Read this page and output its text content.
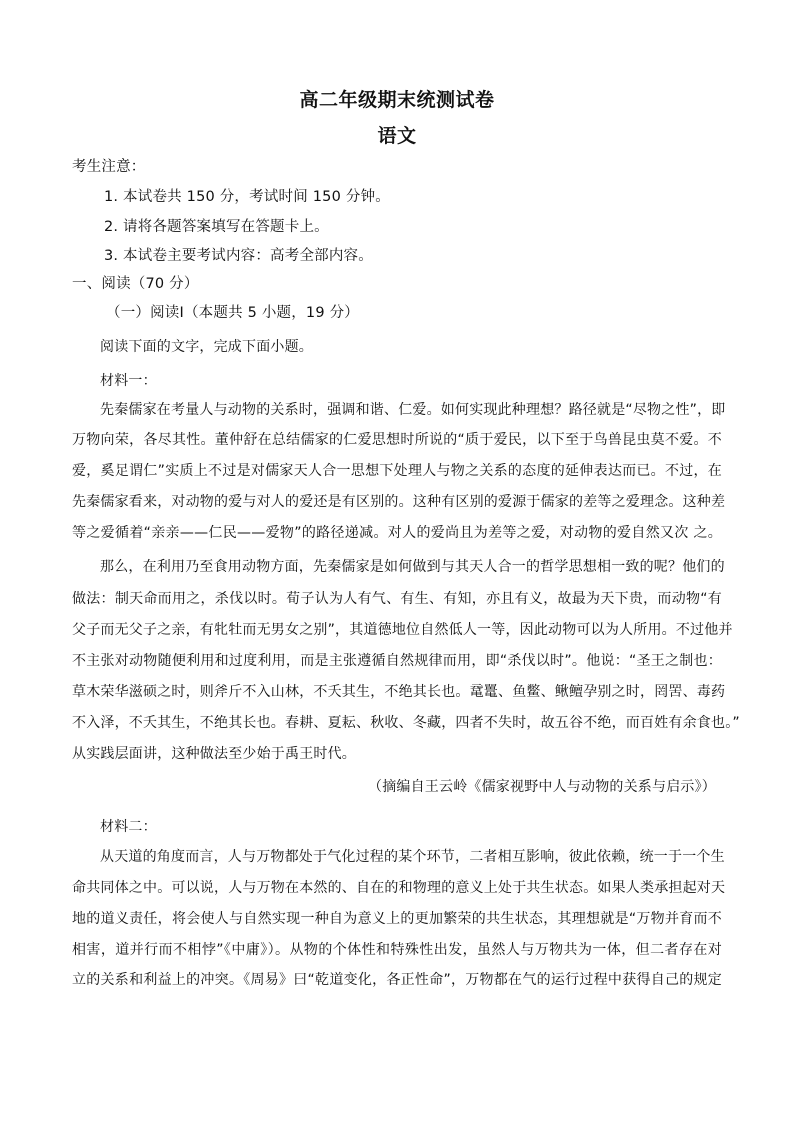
高二年级期末统测试卷
语文
考生注意：
1. 本试卷共 150 分，考试时间 150 分钟。
2. 请将各题答案填写在答题卡上。
3. 本试卷主要考试内容：高考全部内容。
一、阅读（70 分）
（一）阅读Ⅰ（本题共 5 小题，19 分）
阅读下面的文字，完成下面小题。
材料一：
先秦儒家在考量人与动物的关系时，强调和谐、仁爱。如何实现此种理想？路径就是“尽物之性”，即
万物向荣，各尽其性。董仲舒在总结儒家的仁爱思想时所说的“质于爱民，以下至于鸟兽昆虫莫不爱。不
爱，奚足谓仁”实质上不过是对儒家天人合一思想下处理人与物之关系的态度的延伸表达而已。不过，在
先秦儒家看来，对动物的爱与对人的爱还是有区别的。这种有区别的爱源于儒家的差等之爱理念。这种差
等之爱循着“亲亲——仁民——爱物”的路径递减。对人的爱尚且为差等之爱，对动物的爱自然又次 之。
那么，在利用乃至食用动物方面，先秦儒家是如何做到与其天人合一的哲学思想相一致的呢？他们的
做法：制天命而用之，杀伐以时。荀子认为人有气、有生、有知，亦且有义，故最为天下贵，而动物“有
父子而无父子之亲，有牝牡而无男女之别”，其道德地位自然低人一等，因此动物可以为人所用。不过他并
不主张对动物随便利用和过度利用，而是主张遵循自然规律而用，即“杀伐以时”。他说：“圣王之制也：
草木荣华滋硕之时，则斧斤不入山林，不夭其生，不绝其长也。鼋鼍、鱼鳖、鳅鳣孕别之时，罔罟、毒药
不入泽，不夭其生，不绝其长也。春耕、夏耘、秋收、冬藏，四者不失时，故五谷不绝，而百姓有余食也。”
从实践层面讲，这种做法至少始于禹王时代。
（摘编自王云岭《儒家视野中人与动物的关系与启示》）
材料二：
从天道的角度而言，人与万物都处于气化过程的某个环节，二者相互影响，彼此依赖，统一于一个生
命共同体之中。可以说，人与万物在本然的、自在的和物理的意义上处于共生状态。如果人类承担起对天
地的道义责任，将会使人与自然实现一种自为意义上的更加繁荣的共生状态，其理想就是“万物并育而不
相害，道并行而不相悖”《中庸》）。从物的个体性和特殊性出发，虽然人与万物共为一体，但二者存在对
立的关系和利益上的冲突。《周易》曰“乾道变化，各正性命”，万物都在气的运行过程中获得自己的规定
